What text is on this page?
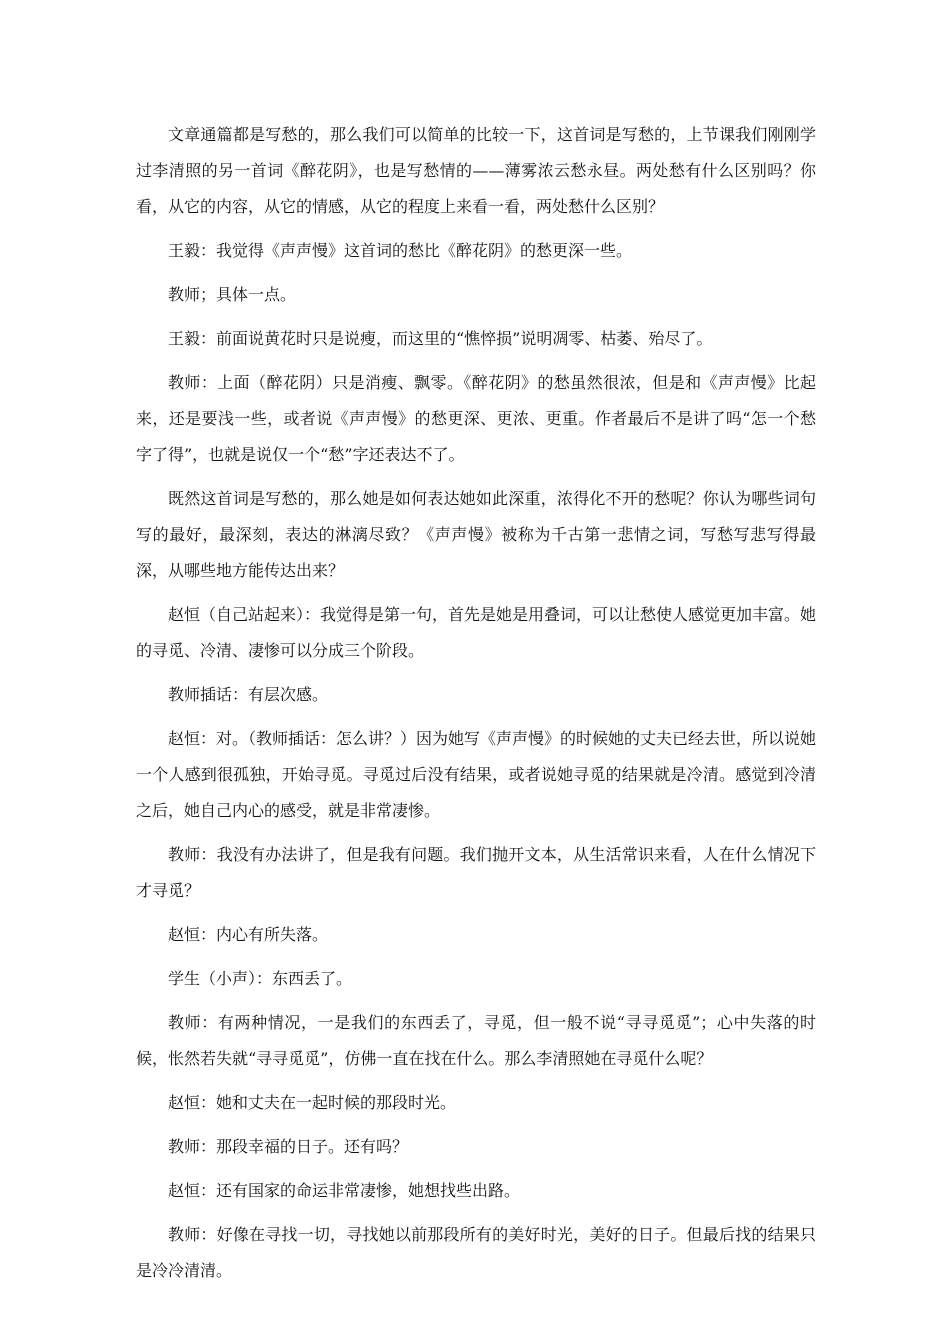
文章通篇都是写愁的，那么我们可以简单的比较一下，这首词是写愁的，上节课我们刚刚学过李清照的另一首词《醉花阴》，也是写愁情的——薄雾浓云愁永昼。两处愁有什么区别吗？你看，从它的内容，从它的情感，从它的程度上来看一看，两处愁什么区别？

王毅：我觉得《声声慢》这首词的愁比《醉花阴》的愁更深一些。

教师；具体一点。

王毅：前面说黄花时只是说瘦，而这里的“憔悴损”说明凋零、枯萎、殆尽了。

教师：上面（醉花阴）只是消瘦、飘零。《醉花阴》的愁虽然很浓，但是和《声声慢》比起来，还是要浅一些，或者说《声声慢》的愁更深、更浓、更重。作者最后不是讲了吗“怎一个愁字了得”，也就是说仅一个“愁”字还表达不了。

既然这首词是写愁的，那么她是如何表达她如此深重，浓得化不开的愁呢？你认为哪些词句写的最好，最深刻，表达的淋漓尽致？《声声慢》被称为千古第一悲情之词，写愁写悲写得最深，从哪些地方能传达出来？

赵恒（自己站起来）：我觉得是第一句，首先是她是用叠词，可以让愁使人感觉更加丰富。她的寻觅、冷清、凄惨可以分成三个阶段。

教师插话：有层次感。

赵恒：对。（教师插话：怎么讲？）因为她写《声声慢》的时候她的丈夫已经去世，所以说她一个人感到很孤独，开始寻觅。寻觅过后没有结果，或者说她寻觅的结果就是冷清。感觉到冷清之后，她自己内心的感受，就是非常凄惨。

教师：我没有办法讲了，但是我有问题。我们抛开文本，从生活常识来看，人在什么情况下才寻觅？

赵恒：内心有所失落。

学生（小声）：东西丢了。

教师：有两种情况，一是我们的东西丢了，寻觅，但一般不说“寻寻觅觅”；心中失落的时候，怅然若失就“寻寻觅觅”，仿佛一直在找在什么。那么李清照她在寻觅什么呢？

赵恒：她和丈夫在一起时候的那段时光。

教师：那段幸福的日子。还有吗？

赵恒：还有国家的命运非常凄惨，她想找些出路。

教师：好像在寻找一切，寻找她以前那段所有的美好时光，美好的日子。但最后找的结果只是冷冷清清。
